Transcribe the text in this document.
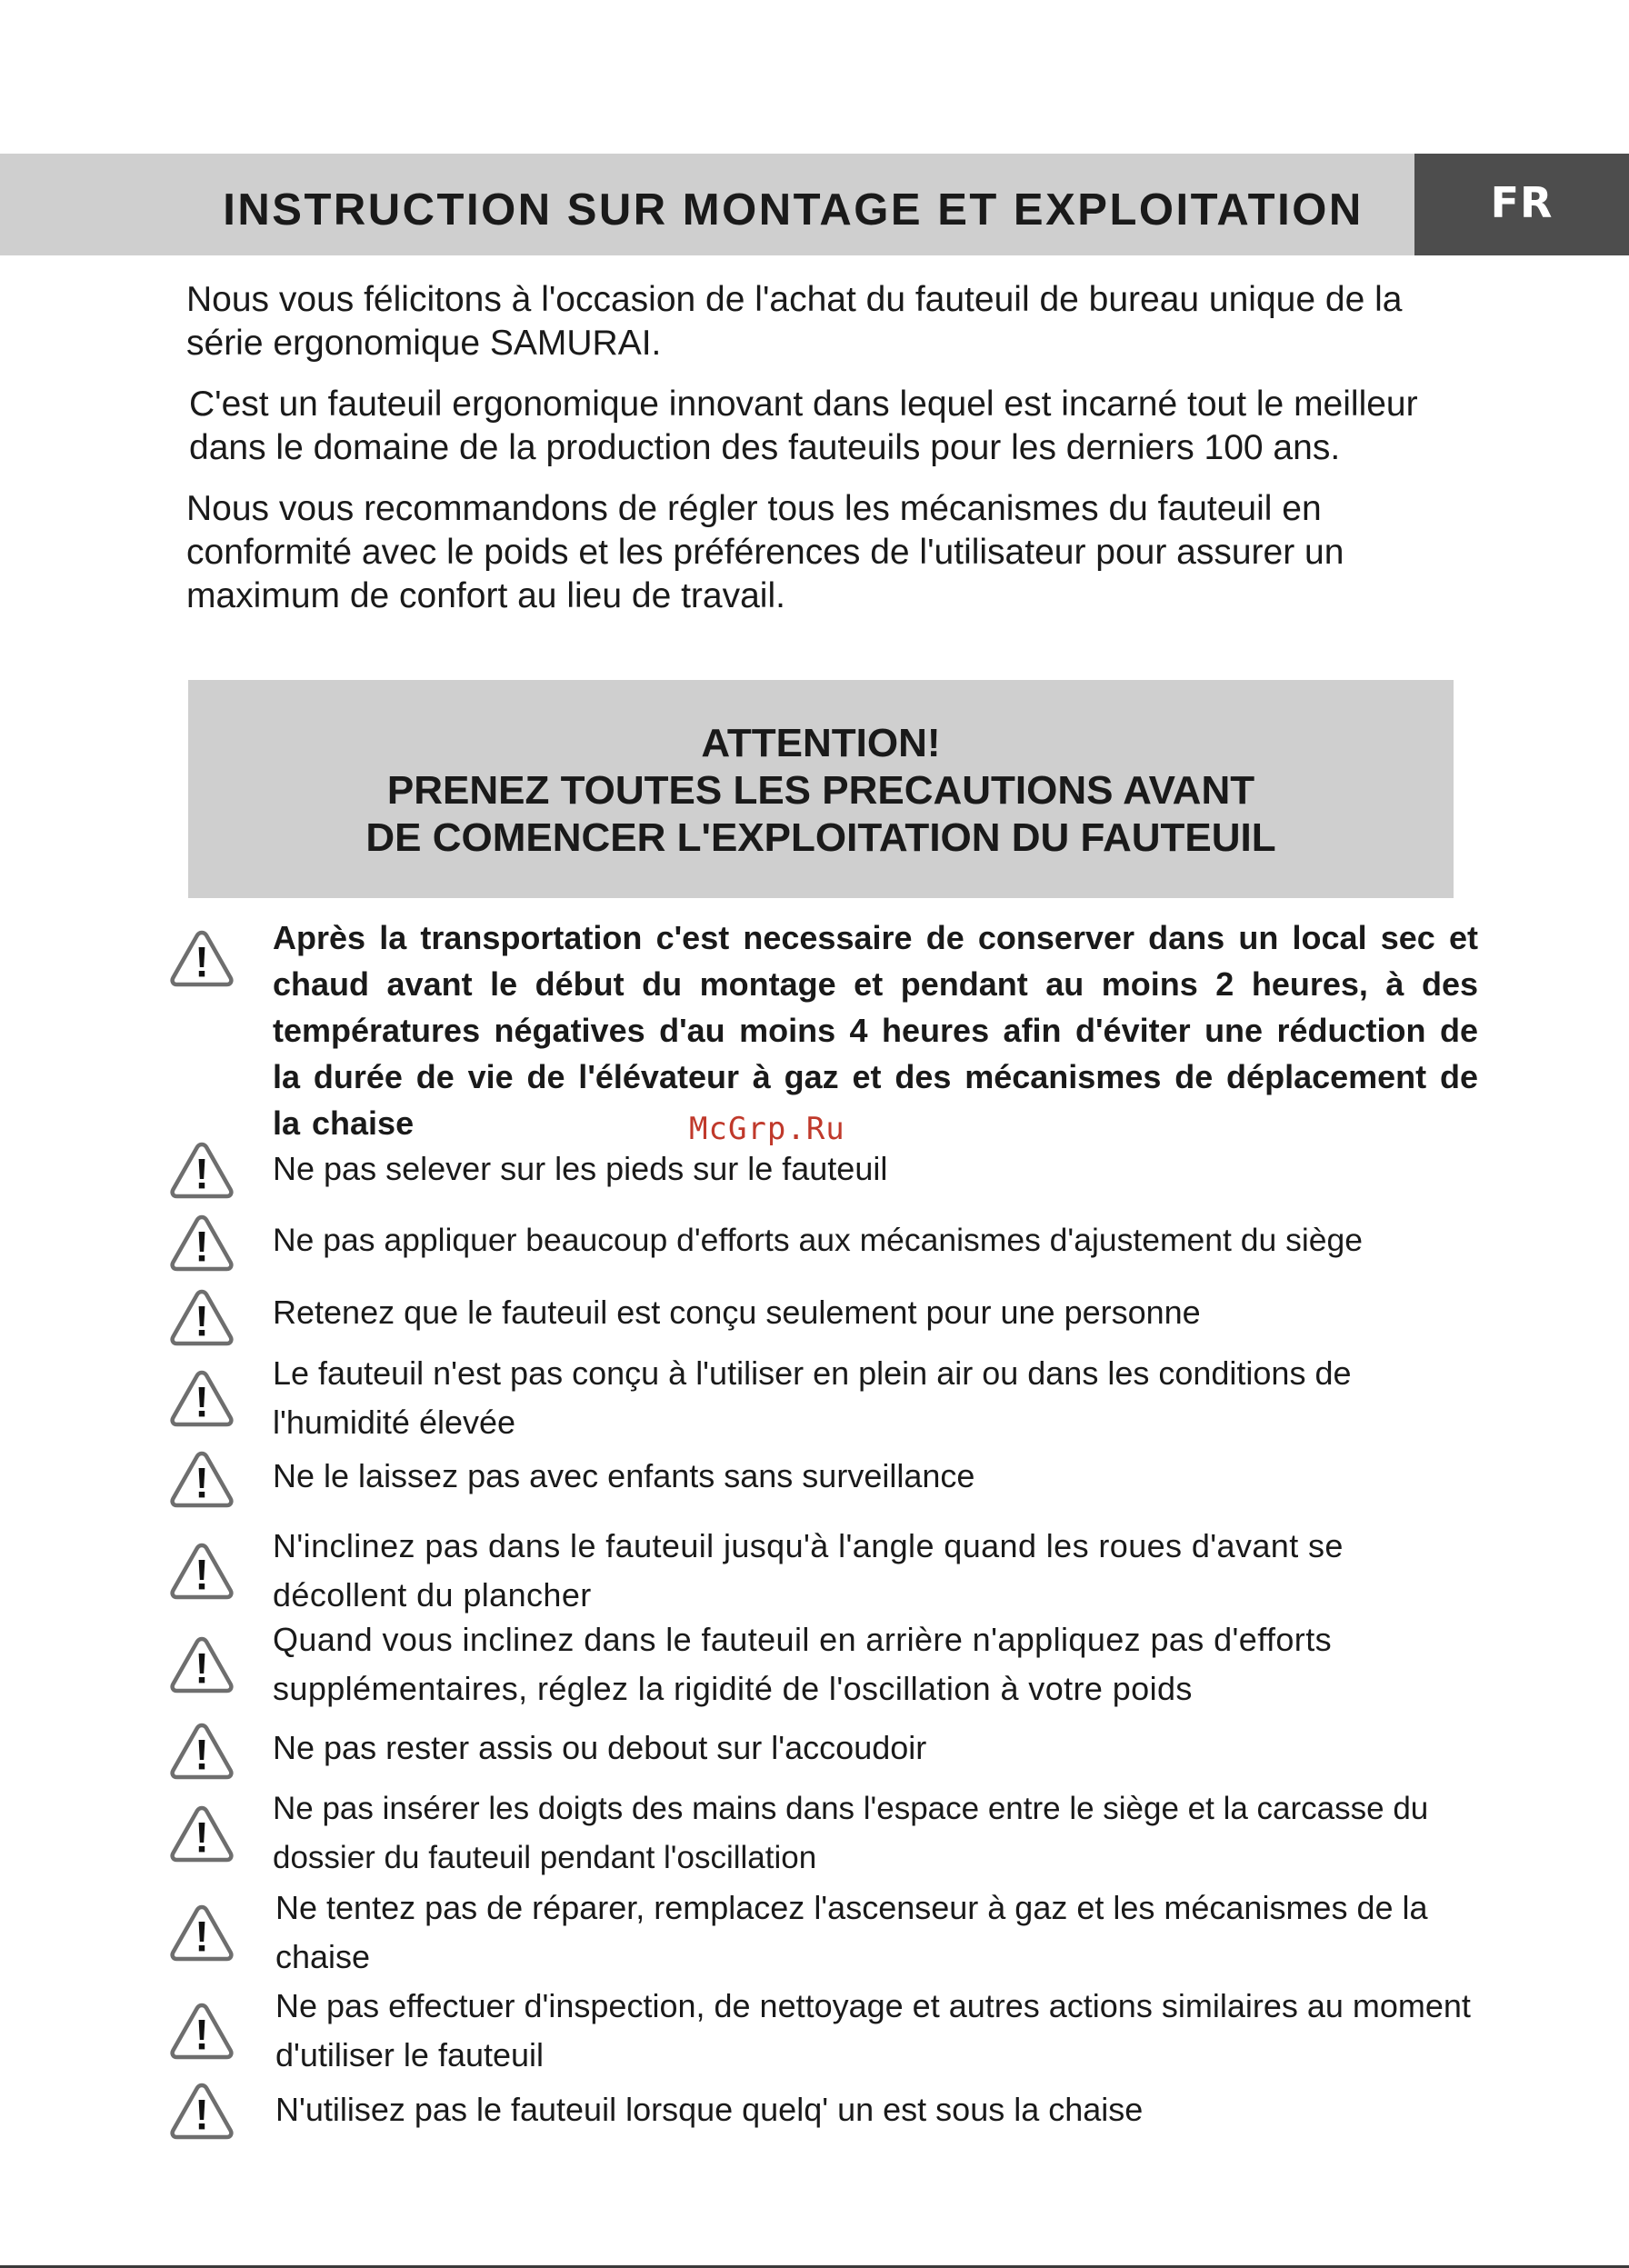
INSTRUCTION SUR MONTAGE ET EXPLOITATION	FR

Nous vous félicitons à l'occasion de l'achat du fauteuil de bureau unique de la série ergonomique SAMURAI.

C'est un fauteuil ergonomique innovant dans lequel est incarné tout le meilleur dans le domaine de la production des fauteuils pour les derniers 100 ans.

Nous vous recommandons de régler tous les mécanismes du fauteuil en conformité avec le poids et les préférences de l'utilisateur pour assurer un maximum de confort au lieu de travail.

ATTENTION!
PRENEZ TOUTES LES PRECAUTIONS AVANT
DE COMENCER L'EXPLOITATION DU FAUTEUIL
Après la transportation c'est necessaire de conserver dans un local sec et chaud avant le début du montage et pendant au moins 2 heures, à des températures négatives d'au moins 4 heures afin d'éviter une réduction de la durée de vie de l'élévateur à gaz et des mécanismes de déplacement de la chaise	McGrp.Ru
Ne pas selever sur les pieds sur le fauteuil
Ne pas appliquer beaucoup d'efforts aux mécanismes d'ajustement du siège
Retenez que le fauteuil est conçu seulement pour une personne
Le fauteuil n'est pas conçu à l'utiliser en plein air ou dans les conditions de l'humidité élevée
Ne le laissez pas avec enfants sans surveillance
N'inclinez pas dans le fauteuil jusqu'à l'angle quand les roues d'avant se décollent du plancher
Quand vous inclinez dans le fauteuil en arrière n'appliquez pas d'efforts supplémentaires, réglez la rigidité de l'oscillation à votre poids
Ne pas rester assis ou debout sur l'accoudoir
Ne pas insérer les doigts des mains dans l'espace entre le siège et la carcasse du dossier du fauteuil pendant l'oscillation
Ne tentez pas de réparer, remplacez l'ascenseur à gaz et les mécanismes de la chaise
Ne pas effectuer d'inspection, de nettoyage et autres actions similaires au moment d'utiliser le fauteuil
N'utilisez pas le fauteuil lorsque quelq' un est sous la chaise
